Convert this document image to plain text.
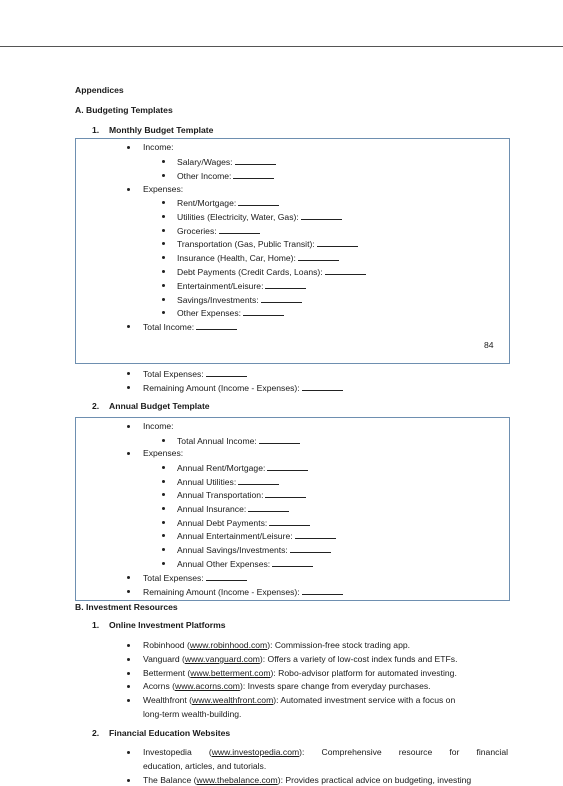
Appendices
A. Budgeting Templates
1. Monthly Budget Template
Income:
Salary/Wages:
Other Income:
Expenses:
Rent/Mortgage:
Utilities (Electricity, Water, Gas):
Groceries:
Transportation (Gas, Public Transit):
Insurance (Health, Car, Home):
Debt Payments (Credit Cards, Loans):
Entertainment/Leisure:
Savings/Investments:
Other Expenses:
Total Income:
84
Total Expenses:
Remaining Amount (Income - Expenses):
2. Annual Budget Template
Income:
Total Annual Income:
Expenses:
Annual Rent/Mortgage:
Annual Utilities:
Annual Transportation:
Annual Insurance:
Annual Debt Payments:
Annual Entertainment/Leisure:
Annual Savings/Investments:
Annual Other Expenses:
Total Expenses:
Remaining Amount (Income - Expenses):
B. Investment Resources
1. Online Investment Platforms
Robinhood (www.robinhood.com): Commission-free stock trading app.
Vanguard (www.vanguard.com): Offers a variety of low-cost index funds and ETFs.
Betterment (www.betterment.com): Robo-advisor platform for automated investing.
Acorns (www.acorns.com): Invests spare change from everyday purchases.
Wealthfront (www.wealthfront.com): Automated investment service with a focus on
long-term wealth-building.
2. Financial Education Websites
Investopedia (www.investopedia.com): Comprehensive resource for financial
education, articles, and tutorials.
The Balance (www.thebalance.com): Provides practical advice on budgeting, investing
